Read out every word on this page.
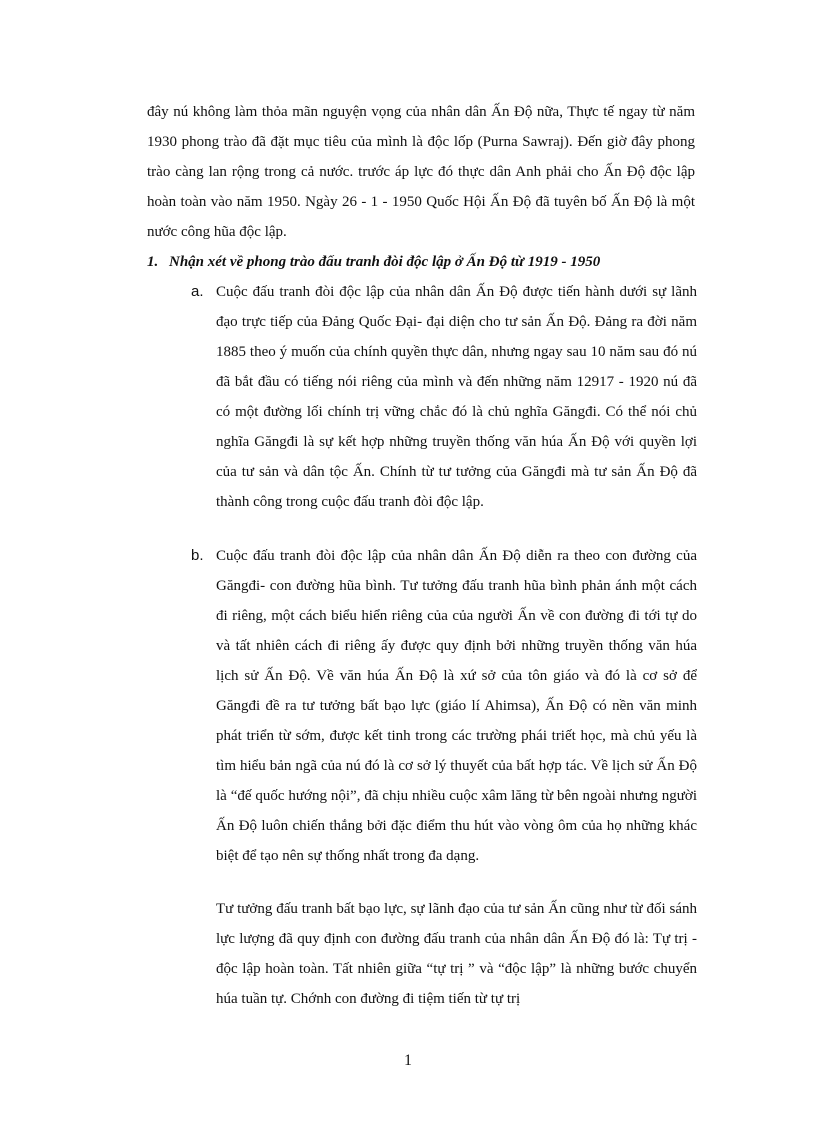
đây nú không làm thỏa mãn nguyện vọng của nhân dân Ấn Độ nữa, Thực tế ngay từ năm 1930 phong trào đã đặt mục tiêu của mình là độc lốp (Purna Sawraj). Đến giờ đây phong trào càng lan rộng trong cả nước. trước áp lực đó thực dân Anh phải cho Ấn Độ độc lập hoàn toàn vào năm 1950. Ngày 26 - 1 - 1950 Quốc Hội Ấn Độ đã tuyên bố Ấn Độ là một nước công hũa độc lập.

1. Nhận xét về phong trào đấu tranh đòi độc lập ở Ấn Độ từ 1919 - 1950
a. Cuộc đấu tranh đòi độc lập của nhân dân Ấn Độ được tiến hành dưới sự lãnh đạo trực tiếp của Đảng Quốc Đại- đại diện cho tư sản Ấn Độ. Đảng ra đời năm 1885 theo ý muốn của chính quyền thực dân, nhưng ngay sau 10 năm sau đó nú đã bắt đầu có tiếng nói riêng của mình và đến những năm 12917 - 1920 nú đã có một đường lối chính trị vững chắc đó là chủ nghĩa Găngđi. Có thể nói chủ nghĩa Găngđi là sự kết hợp những truyền thống văn húa Ấn Độ với quyền lợi của tư sản và dân tộc Ấn. Chính từ tư tưởng của Găngđi mà tư sản Ấn Độ đã thành công trong cuộc đấu tranh đòi độc lập.

b. Cuộc đấu tranh đòi độc lập của nhân dân Ấn Độ diễn ra theo con đường của Găngđi- con đường hũa bình. Tư tưởng đấu tranh hũa bình phản ánh một cách đi riêng, một cách biểu hiển riêng của của người Ấn về con đường đi tới tự do và tất nhiên cách đi riêng ấy được quy định bởi những truyền thống văn húa lịch sử Ấn Độ. Về văn húa Ấn Độ là xứ sở của tôn giáo và đó là cơ sở để Găngđi đề ra tư tưởng bất bạo lực (giáo lí Ahimsa), Ấn Độ có nền văn minh phát triển từ sớm, được kết tinh trong các trường phái triết học, mà chủ yếu là tìm hiểu bản ngã của nú đó là cơ sở lý thuyết của bất hợp tác. Về lịch sử Ấn Độ là “đế quốc hướng nội”, đã chịu nhiều cuộc xâm lăng từ bên ngoài nhưng người Ấn Độ luôn chiến thắng bởi đặc điểm thu hút vào vòng ôm của họ những khác biệt để tạo nên sự thống nhất trong đa dạng.

Tư tưởng đấu tranh bất bạo lực, sự lãnh đạo của tư sản Ấn cũng như từ đối sánh lực lượng đã quy định con đường đấu tranh của nhân dân Ấn Độ đó là: Tự trị - độc lập hoàn toàn. Tất nhiên giữa “tự trị ” và “độc lập” là những bước chuyển húa tuần tự. Chớnh con đường đi tiệm tiến từ tự trị

1
